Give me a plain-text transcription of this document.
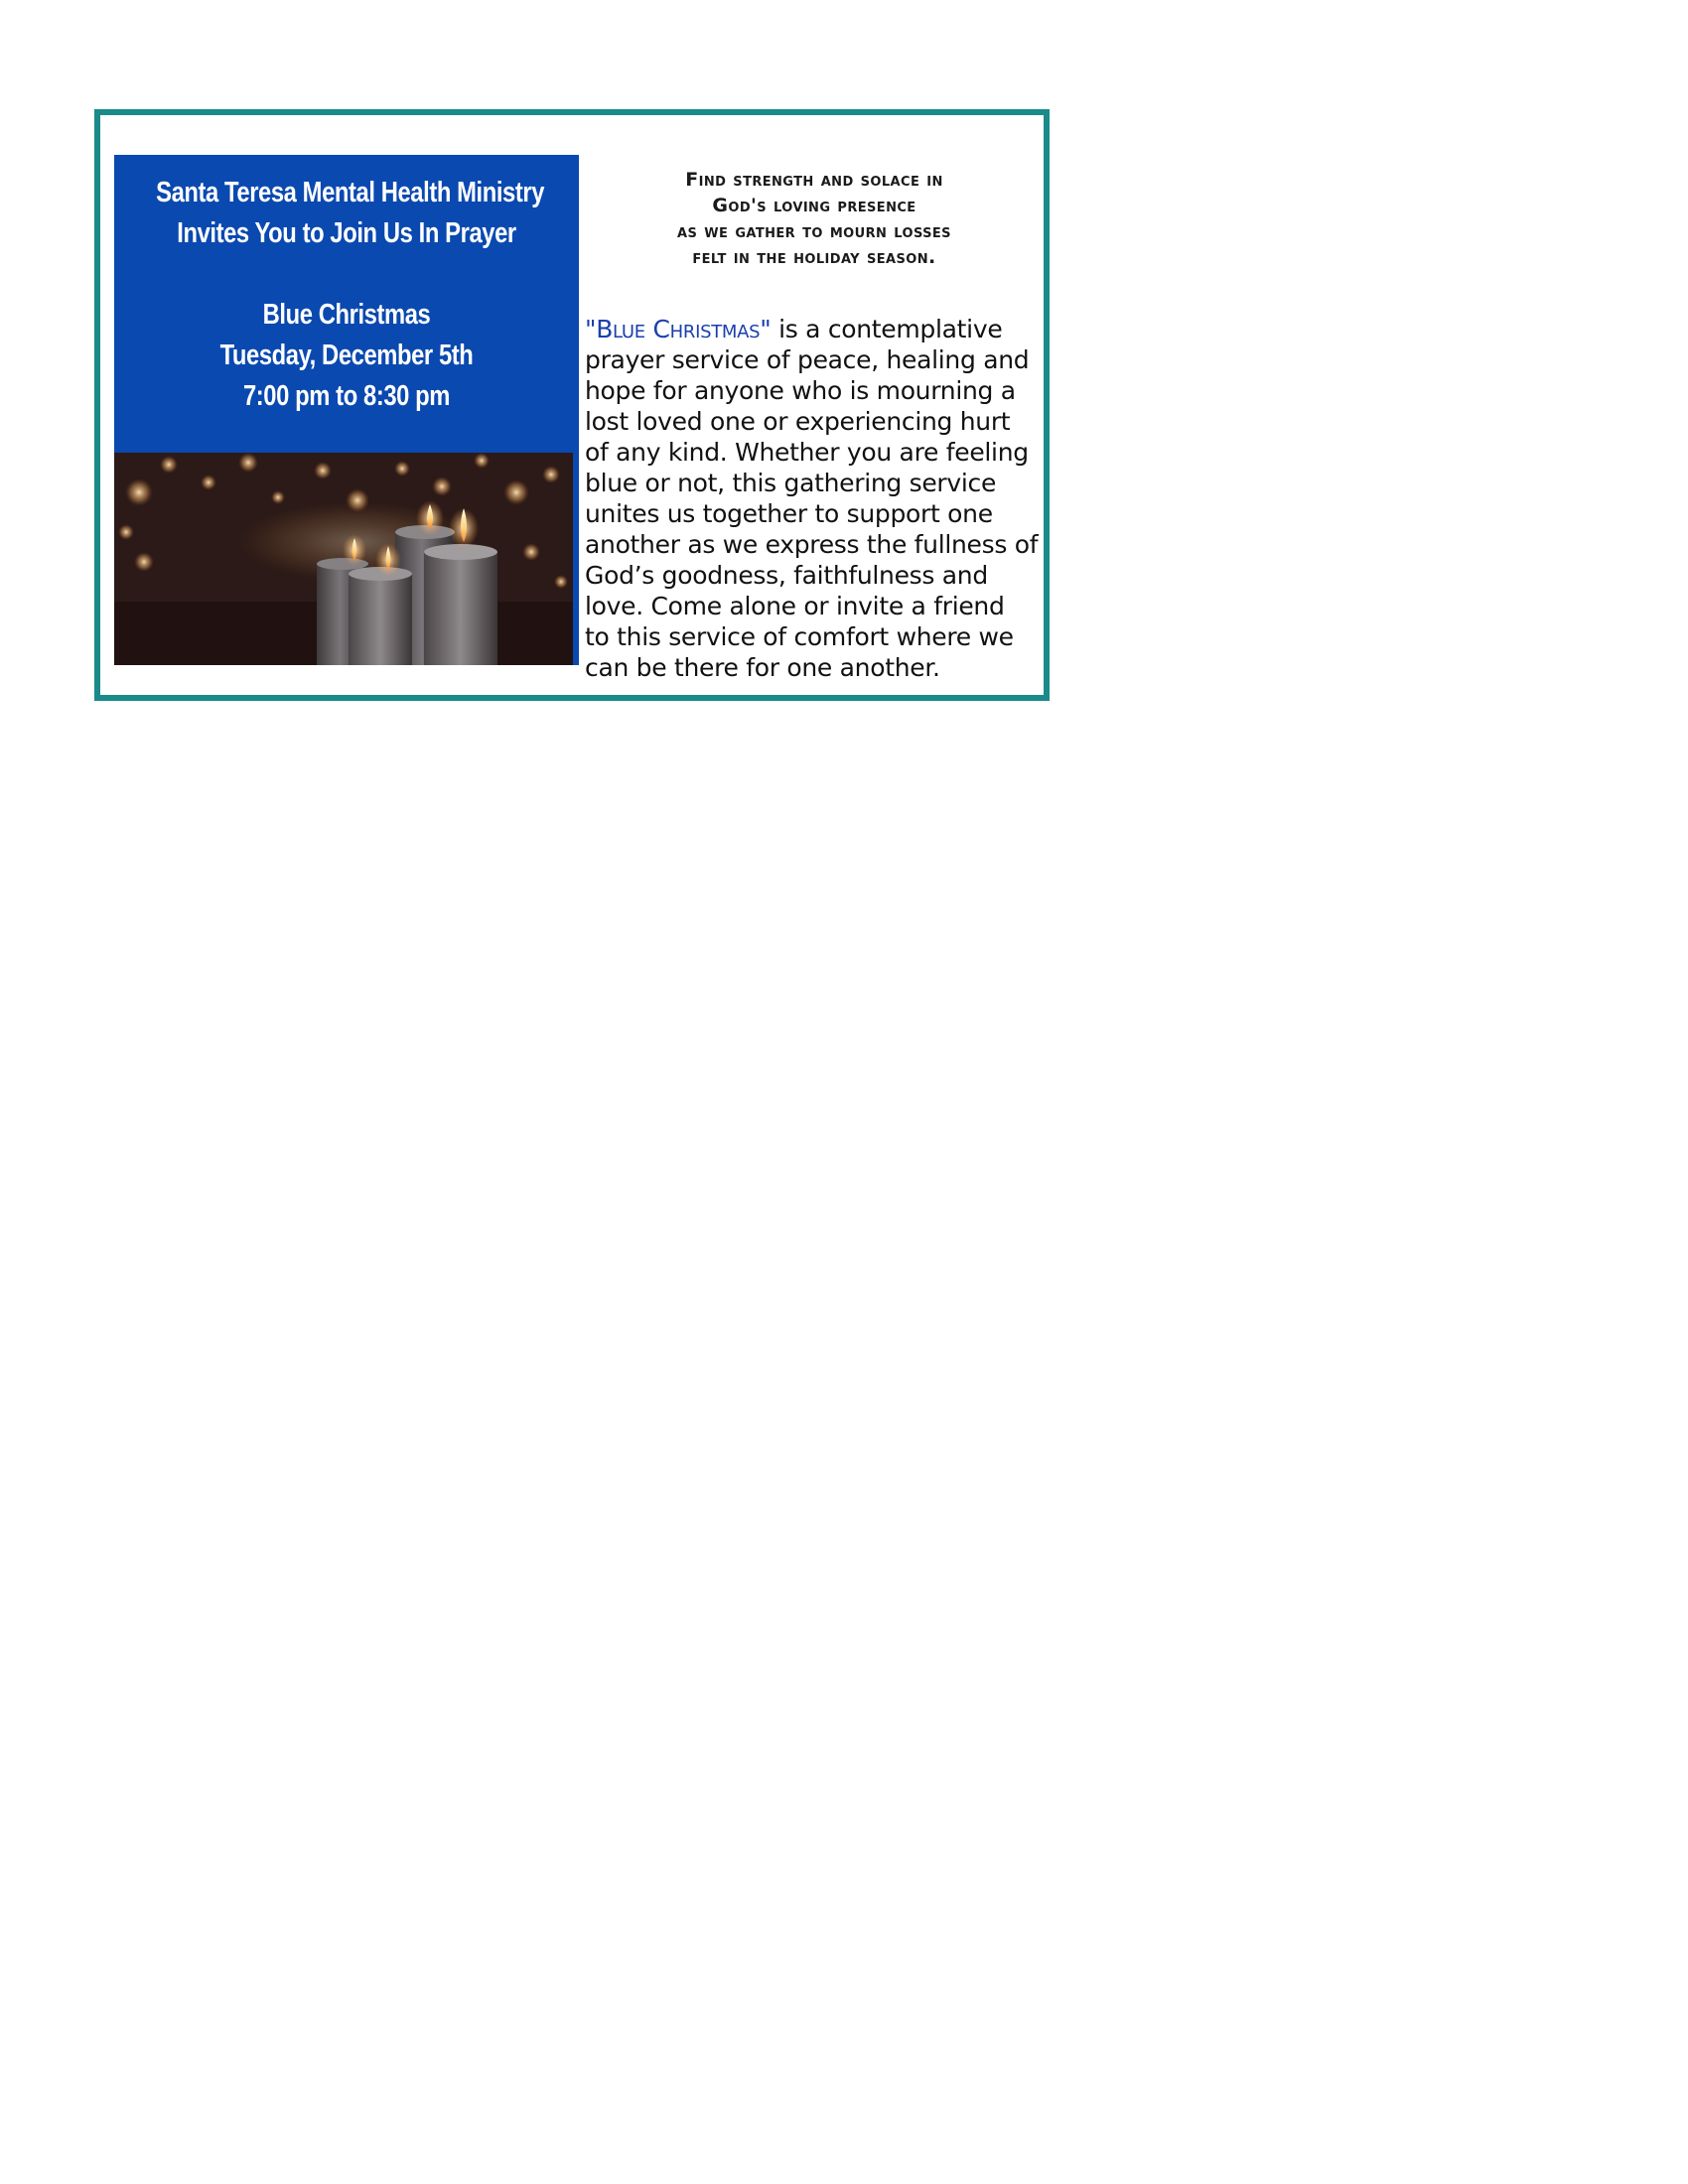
Santa Teresa Mental Health Ministry
Invites You to Join Us In Prayer
Blue Christmas
Tuesday, December 5th
7:00 pm to 8:30 pm

Find strength and solace in
God's loving presence
as we gather to mourn losses
felt in the holiday season.

"Blue Christmas" is a contemplative
prayer service of peace, healing and
hope for anyone who is mourning a
lost loved one or experiencing hurt
of any kind. Whether you are feeling
blue or not, this gathering service
unites us together to support one
another as we express the fullness of
God’s goodness, faithfulness and
love. Come alone or invite a friend
to this service of comfort where we
can be there for one another.
